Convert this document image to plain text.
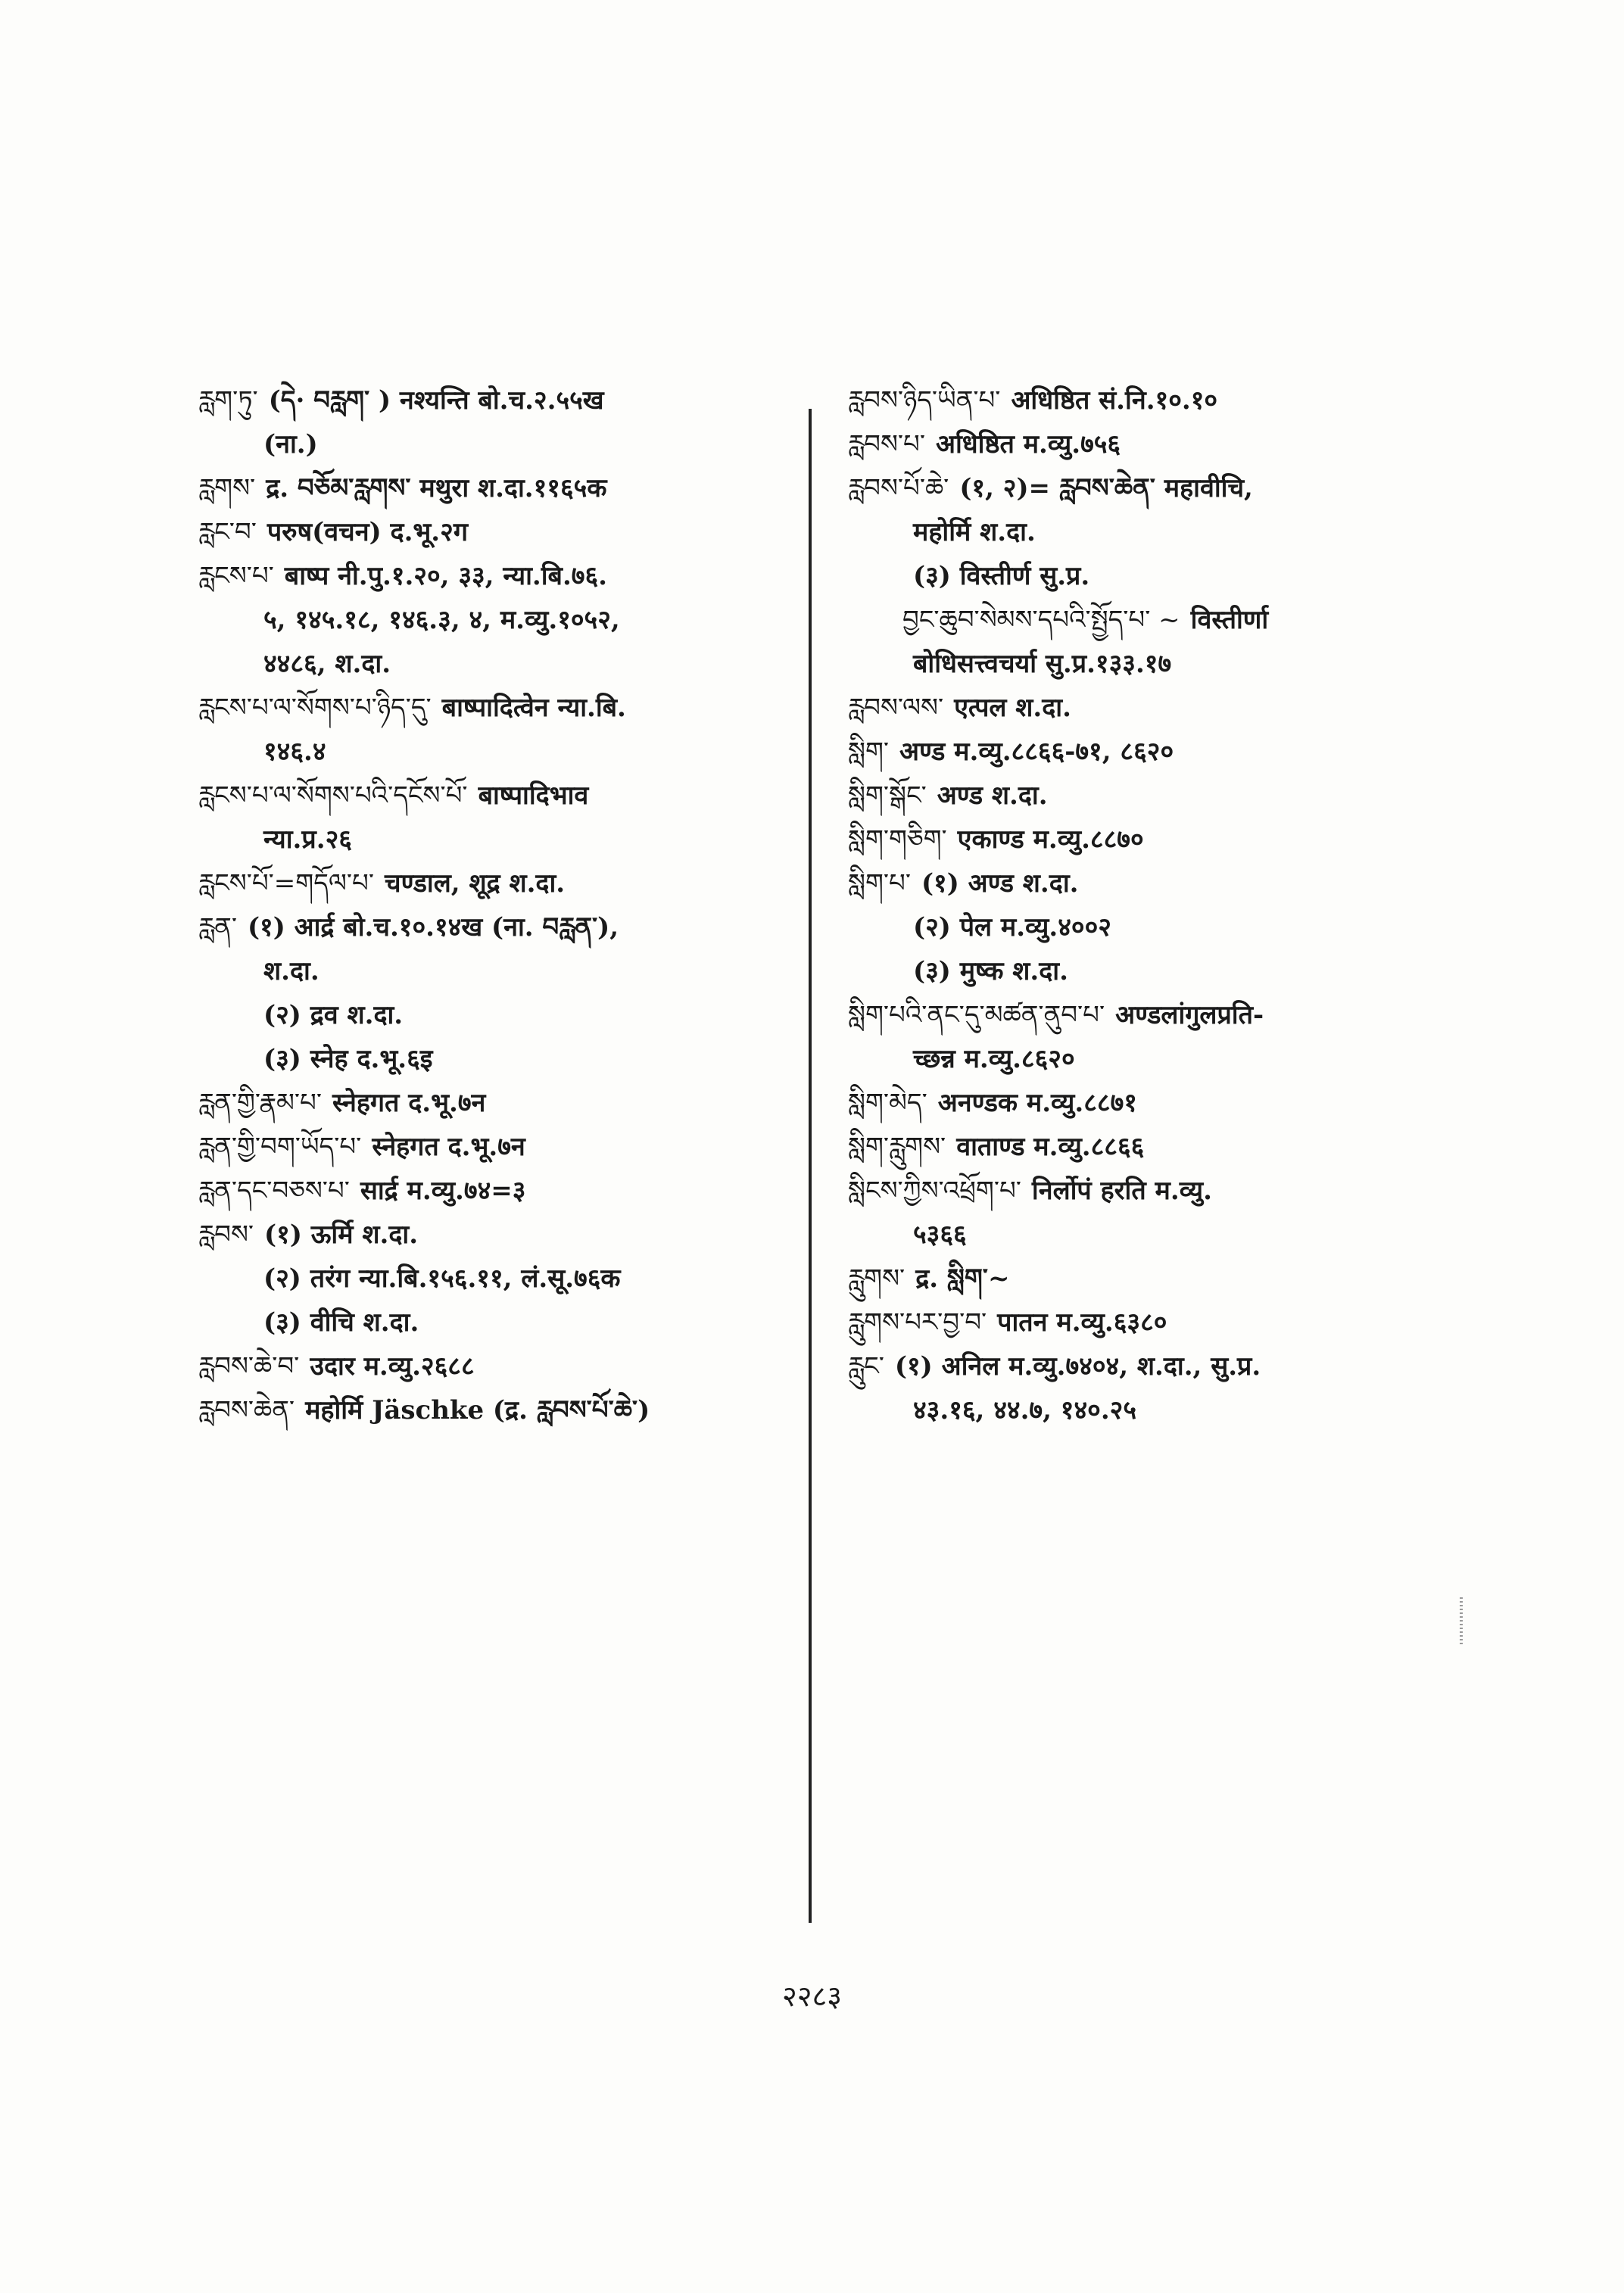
རླག་ཏུ་ (དེ· བརླག་ ) नश्यन्ति बो.च.२.५५ख

(ना.)

རླགས་ द्र. བཅོམ་རླགས་ मथुरा श.दा.११६५क

རླང་བ་ परुष(वचन) द.भू.२ग

རླངས་པ་ बाष्प नी.पु.१.२०, ३३, न्या.बि.७६.

५, १४५.१८, १४६.३, ४, म.व्यु.१०५२,

४४८६, श.दा.

རླངས་པ་ལ་སོགས་པ་ཉིད་དུ་ बाष्पादित्वेन न्या.बि.

१४६.४

རླངས་པ་ལ་སོགས་པའི་དངོས་པོ་ बाष्पादिभाव

न्या.प्र.२६

རླངས་པོ་=གདོལ་པ་ चण्डाल, शूद्र श.दा.

རླན་ (१) आर्द्र बो.च.१०.१४ख (ना. བརླན་),

श.दा.

(२) द्रव श.दा.

(३) स्नेह द.भू.६इ

རླན་གྱི་རྣམ་པ་ स्नेहगत द.भू.७न

རླན་གྱི་བག་ཡོད་པ་ स्नेहगत द.भू.७न

རླན་དང་བཅས་པ་ सार्द्र म.व्यु.७४=३

རླབས་ (१) ऊर्मि श.दा.

(२) तरंग न्या.बि.१५६.११, लं.सू.७६क

(३) वीचि श.दा.

རླབས་ཆེ་བ་ उदार म.व्यु.२६८८

རླབས་ཆེན་ महोर्मि Jäschke (द्र. རླབས་པོ་ཆེ་)

རླབས་ཉིད་ཡིན་པ་ अधिष्ठित सं.नि.१०.१०

རླབས་པ་ अधिष्ठित म.व्यु.७५६

རླབས་པོ་ཆེ་ (१, २)= རླབས་ཆེན་ महावीचि,

महोर्मि श.दा.

(३) विस्तीर्ण सु.प्र.

བྱང་ཆུབ་སེམས་དཔའི་སྤྱོད་པ་ ~ विस्तीर्णा

बोधिसत्त्वचर्या सु.प्र.१३३.१७

རླབས་ལས་ एत्पल श.दा.

སླིག་ अण्ड म.व्यु.८८६६-७१, ८६२०

སླིག་སྒོང་ अण्ड श.दा.

སླིག་གཅིག་ एकाण्ड म.व्यु.८८७०

སླིག་པ་ (१) अण्ड श.दा.

(२) पेल म.व्यु.४००२

(३) मुष्क श.दा.

སླིག་པའི་ནང་དུ་མཚན་ནུབ་པ་ अण्डलांगुलप्रति-

च्छन्न म.व्यु.८६२०

སླིག་མེད་ अनण्डक म.व्यु.८८७१

སླིག་རླུགས་ वाताण्ड म.व्यु.८८६६

སླིངས་ཀྱིས་འཕྲོག་པ་ निर्लोपं हरति म.व्यु.

५३६६

རླུགས་ द्र. སླིག་~

རླུགས་པར་བྱ་བ་ पातन म.व्यु.६३८०

རླུང་ (१) अनिल म.व्यु.७४०४, श.दा., सु.प्र.

४३.१६, ४४.७, १४०.२५

२२८३
